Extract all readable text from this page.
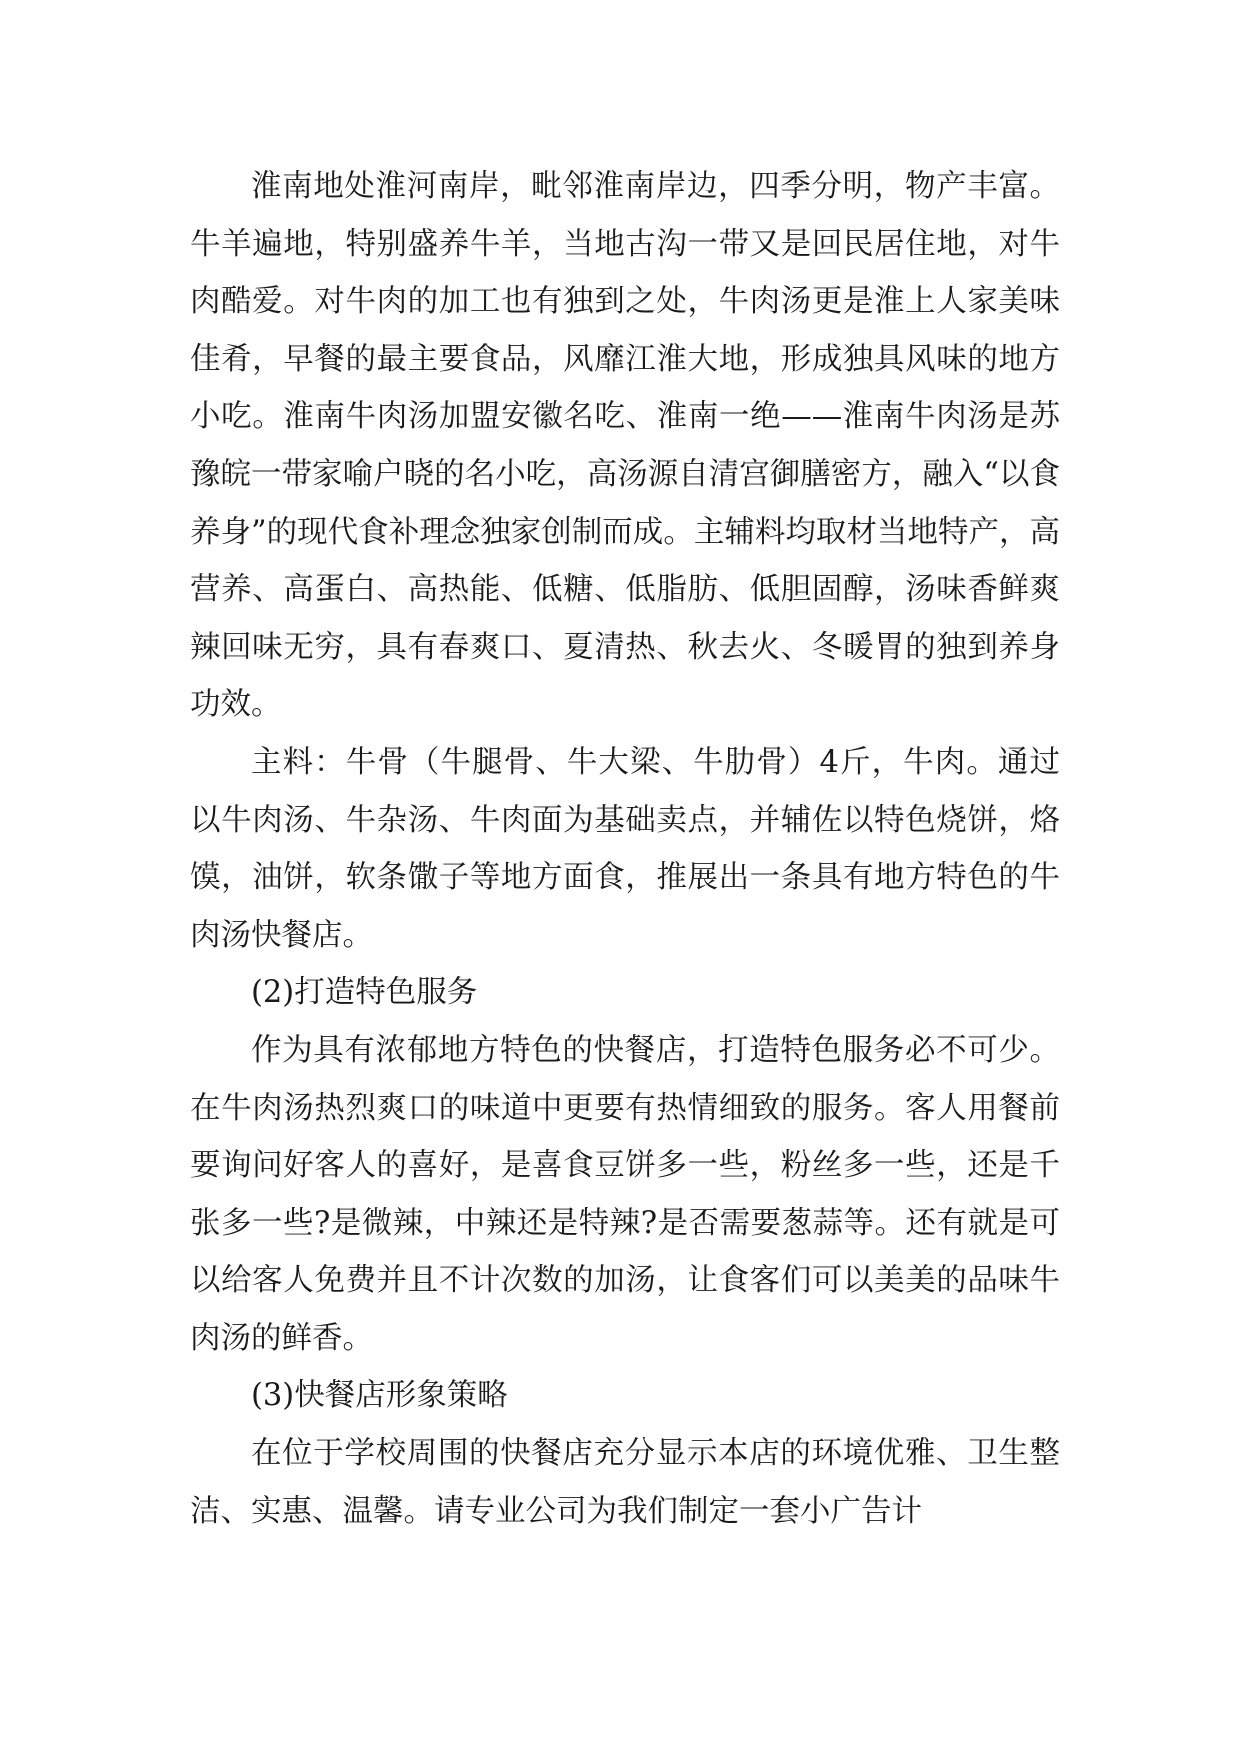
淮南地处淮河南岸，毗邻淮南岸边，四季分明，物产丰富。牛羊遍地，特别盛养牛羊，当地古沟一带又是回民居住地，对牛肉酷爱。对牛肉的加工也有独到之处，牛肉汤更是淮上人家美味佳肴，早餐的最主要食品，风靡江淮大地，形成独具风味的地方小吃。淮南牛肉汤加盟安徽名吃、淮南一绝——淮南牛肉汤是苏豫皖一带家喻户晓的名小吃，高汤源自清宫御膳密方，融入“以食养身”的现代食补理念独家创制而成。主辅料均取材当地特产，高营养、高蛋白、高热能、低糖、低脂肪、低胆固醇，汤味香鲜爽辣回味无穷，具有春爽口、夏清热、秋去火、冬暖胃的独到养身功效。

主料：牛骨（牛腿骨、牛大梁、牛肋骨）4斤，牛肉。通过以牛肉汤、牛杂汤、牛肉面为基础卖点，并辅佐以特色烧饼，烙馍，油饼，软条馓子等地方面食，推展出一条具有地方特色的牛肉汤快餐店。

(2)打造特色服务

作为具有浓郁地方特色的快餐店，打造特色服务必不可少。在牛肉汤热烈爽口的味道中更要有热情细致的服务。客人用餐前要询问好客人的喜好，是喜食豆饼多一些，粉丝多一些，还是千张多一些?是微辣，中辣还是特辣?是否需要葱蒜等。还有就是可以给客人免费并且不计次数的加汤，让食客们可以美美的品味牛肉汤的鲜香。

(3)快餐店形象策略

在位于学校周围的快餐店充分显示本店的环境优雅、卫生整洁、实惠、温馨。请专业公司为我们制定一套小广告计
